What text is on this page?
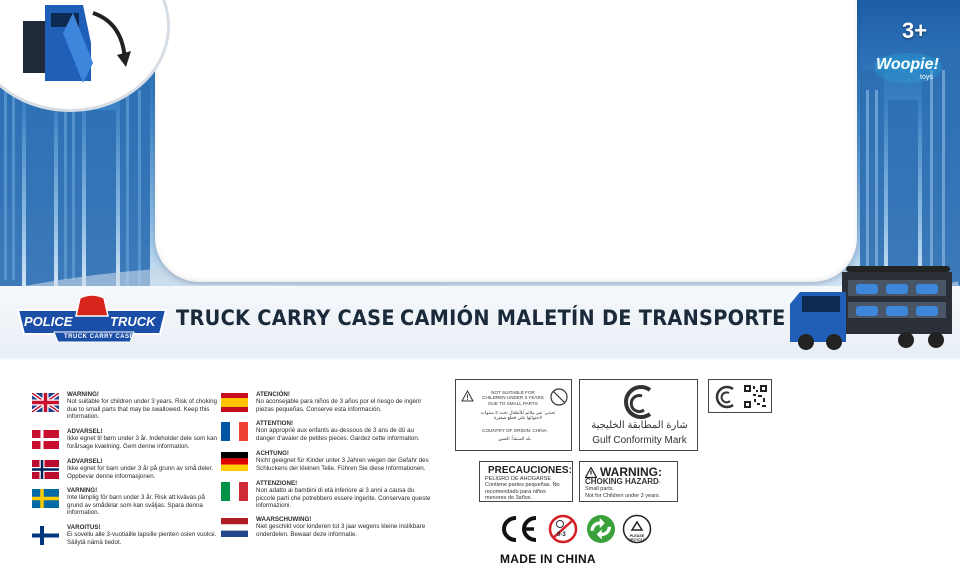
3+
Woopie!
toys
POLICE	TRUCK
TRUCK CARRY CASE
TRUCK CARRY CASE CAMIÓN MALETÍN DE TRANSPORTE
WARNING!
Not suitable for children under 3 years. Risk of choking due to small parts that may be swallowed. Keep this information.
ADVARSEL!
Ikke egnet til børn under 3 år. Indeholder dele som kan forårsage kvælning. Gem denne information.
ADVARSEL!
Ikke egnet for barn under 3 år på grunn av små deler. Oppbevar denne informasjonen.
VARNING!
Inte lämplig för barn under 3 år. Risk att kvävas på grund av smådelar som kan sväljas. Spara denna information.
VAROITUS!
Ei sovellu alle 3-vuotiaille lapsille pienten osien vuoksi. Säilytä nämä tiedot.
ATENCIÓN!
No aconsejable para niños de 3 años por el riesgo de ingerir piezas pequeñas. Conserve esta información.
ATTENTION!
Non approprié aux enfants au-dessous de 3 ans de dû au danger d'avaler de petites pieces. Gardez cette information.
ACHTUNG!
Nicht geeignet für Kinder unter 3 Jahren wegen der Gefahr des Schluckens der kleinen Teile. Führen Sie diese Informationen.
ATTENZIONE!
Non adatto ai bambini di età inferiore ai 3 anni a causa du piccole parti che potrebbero essere ingerite. Conservare queste informazioni.
WAARSCHUWING!
Niet geschikt voor kinderen tot 3 jaar wegens kleine inslikbare onderdelen. Bewaar deze informatie.
NOT SUITABLE FOR CHILDREN UNDER 3 YEARS DUE TO SMALL PARTS
تحذير: غير ملائم للأطفال تحت 3 سنوات لاحتوائها على قطع صغيرة
COUNTRY OF ORIGIN: CHINA
بلد المنشأ: الصين
شارة المطابقة الخليجية
Gulf Conformity Mark
PRECAUCIONES:
PELIGRO DE AHOGARSE Contiene partes pequeñas. No recomendado para niños menores de 3años.
WARNING:
CHOKING HAZARD-Small parts.
Not for Children under 3 years.
0-3	PLEASE RECYCLE
MADE IN CHINA
